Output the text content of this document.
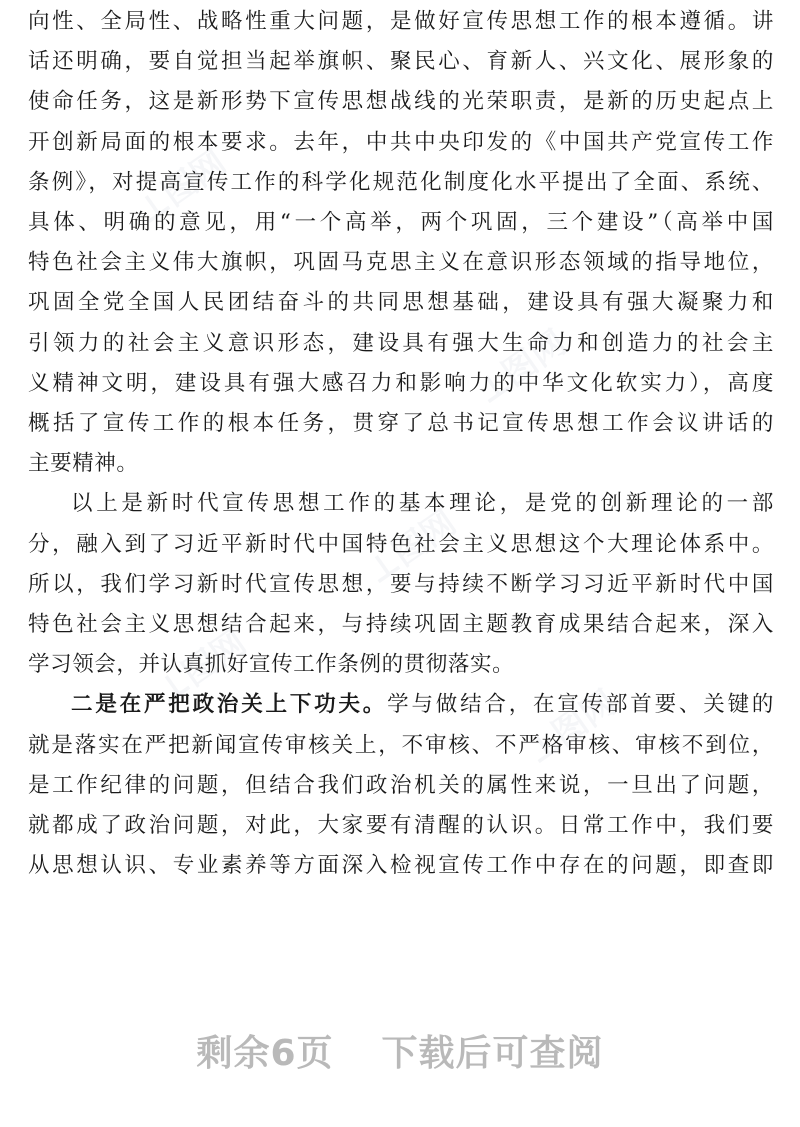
⊥图网
⊥图网
⊥图网
⊥图网
⊥图网
向性、全局性、战略性重大问题，是做好宣传思想工作的根本遵循。讲
话还明确，要自觉担当起举旗帜、聚民心、育新人、兴文化、展形象的
使命任务，这是新形势下宣传思想战线的光荣职责，是新的历史起点上
开创新局面的根本要求。去年，中共中央印发的《中国共产党宣传工作
条例》，对提高宣传工作的科学化规范化制度化水平提出了全面、系统、
具体、明确的意见，用“一个高举，两个巩固，三个建设”（高举中国
特色社会主义伟大旗帜，巩固马克思主义在意识形态领域的指导地位，
巩固全党全国人民团结奋斗的共同思想基础，建设具有强大凝聚力和
引领力的社会主义意识形态，建设具有强大生命力和创造力的社会主
义精神文明，建设具有强大感召力和影响力的中华文化软实力），高度
概括了宣传工作的根本任务，贯穿了总书记宣传思想工作会议讲话的
主要精神。
以上是新时代宣传思想工作的基本理论，是党的创新理论的一部
分，融入到了习近平新时代中国特色社会主义思想这个大理论体系中。
所以，我们学习新时代宣传思想，要与持续不断学习习近平新时代中国
特色社会主义思想结合起来，与持续巩固主题教育成果结合起来，深入
学习领会，并认真抓好宣传工作条例的贯彻落实。
二是在严把政治关上下功夫。学与做结合，在宣传部首要、关键的
就是落实在严把新闻宣传审核关上，不审核、不严格审核、审核不到位，
是工作纪律的问题，但结合我们政治机关的属性来说，一旦出了问题，
就都成了政治问题，对此，大家要有清醒的认识。日常工作中，我们要
从思想认识、专业素养等方面深入检视宣传工作中存在的问题，即查即
剩余6页 下载后可查阅
